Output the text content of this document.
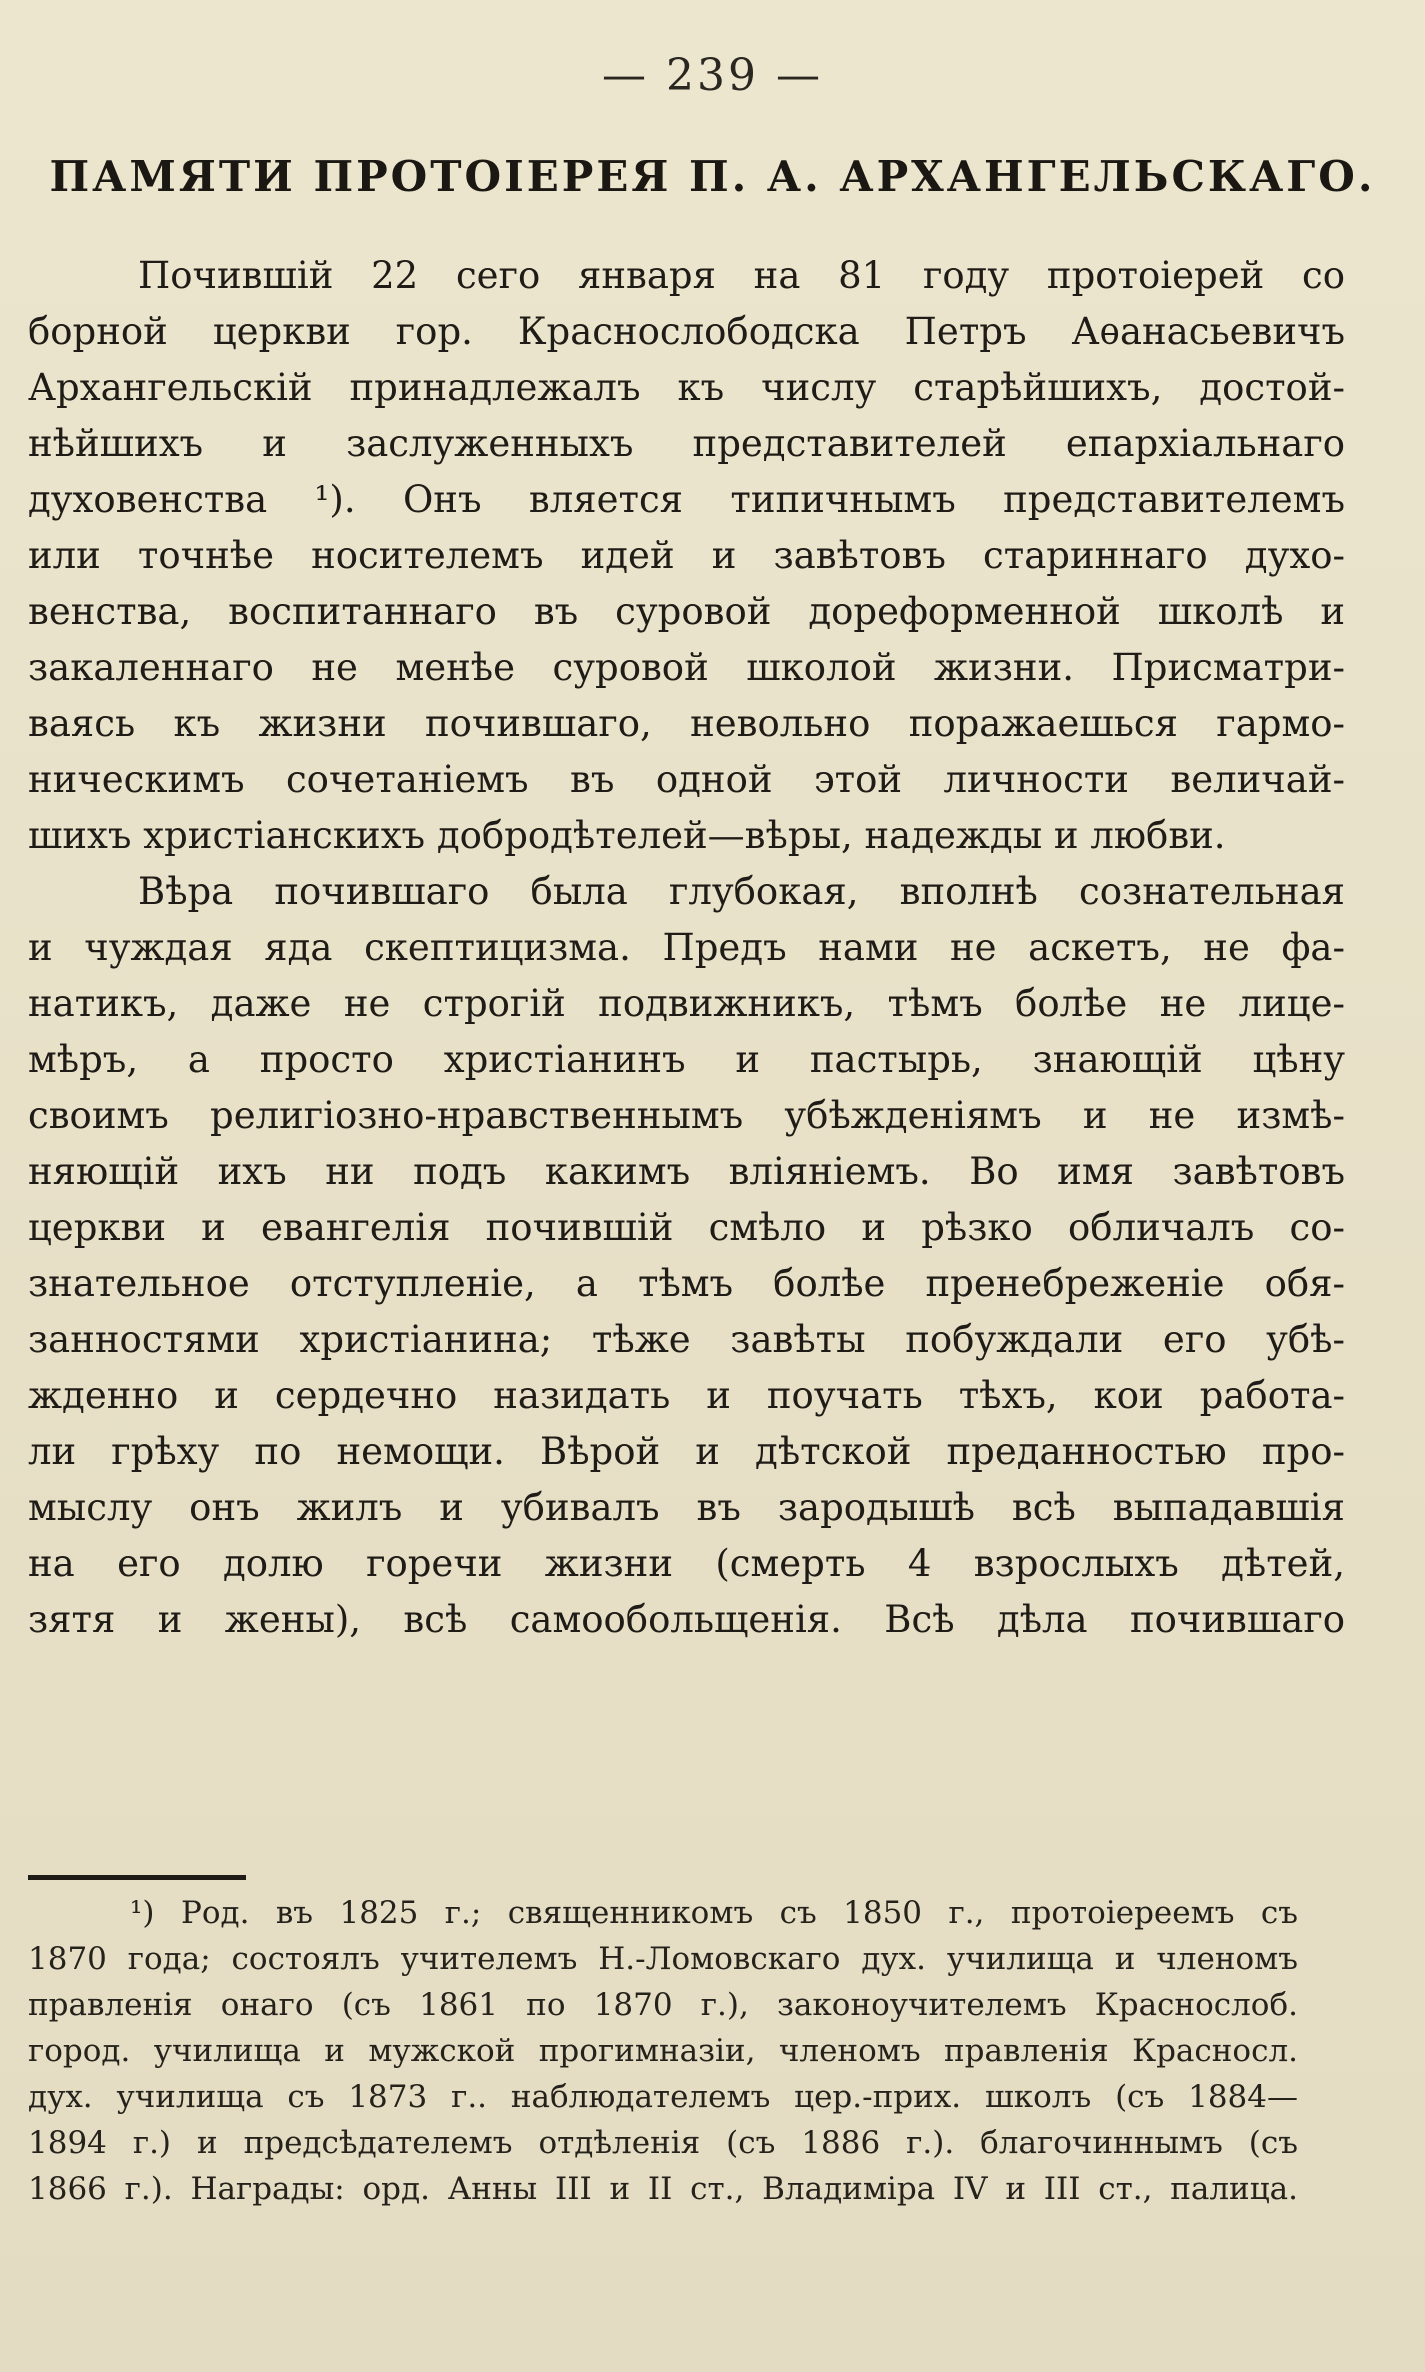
— 239 —
ПАМЯТИ ПРОТОІЕРЕЯ П. А. АРХАНГЕЛЬСКАГО.
Почившій 22 сего января на 81 году протоіерей со
борной церкви гор. Краснослободска Петръ Аѳанасьевичъ
Архангельскій принадлежалъ къ числу старѣйшихъ, достой-
нѣйшихъ и заслуженныхъ представителей епархіальнаго
духовенства ¹). Онъ вляется типичнымъ представителемъ
или точнѣе носителемъ идей и завѣтовъ стариннаго духо-
венства, воспитаннаго въ суровой дореформенной школѣ и
закаленнаго не менѣе суровой школой жизни. Присматри-
ваясь къ жизни почившаго, невольно поражаешься гармо-
ническимъ сочетаніемъ въ одной этой личности величай-
шихъ христіанскихъ добродѣтелей—вѣры, надежды и любви.
Вѣра почившаго была глубокая, вполнѣ сознательная
и чуждая яда скептицизма. Предъ нами не аскетъ, не фа-
натикъ, даже не строгій подвижникъ, тѣмъ болѣе не лице-
мѣръ, а просто христіанинъ и пастырь, знающій цѣну
своимъ религіозно-нравственнымъ убѣжденіямъ и не измѣ-
няющій ихъ ни подъ какимъ вліяніемъ. Во имя завѣтовъ
церкви и евангелія почившій смѣло и рѣзко обличалъ со-
знательное отступленіе, а тѣмъ болѣе пренебреженіе обя-
занностями христіанина; тѣже завѣты побуждали его убѣ-
жденно и сердечно назидать и поучать тѣхъ, кои работа-
ли грѣху по немощи. Вѣрой и дѣтской преданностью про-
мыслу онъ жилъ и убивалъ въ зародышѣ всѣ выпадавшія
на его долю горечи жизни (смерть 4 взрослыхъ дѣтей,
зятя и жены), всѣ самообольщенія. Всѣ дѣла почившаго
¹) Род. въ 1825 г.; священникомъ съ 1850 г., протоіереемъ съ
1870 года; состоялъ учителемъ Н.-Ломовскаго дух. училища и членомъ
правленія онаго (съ 1861 по 1870 г.), законоучителемъ Краснослоб.
город. училища и мужской прогимназіи, членомъ правленія Красносл.
дух. училища съ 1873 г.. наблюдателемъ цер.-прих. школъ (съ 1884—
1894 г.) и предсѣдателемъ отдѣленія (съ 1886 г.). благочиннымъ (съ
1866 г.). Награды: орд. Анны III и II ст., Владиміра IV и III ст., палица.
